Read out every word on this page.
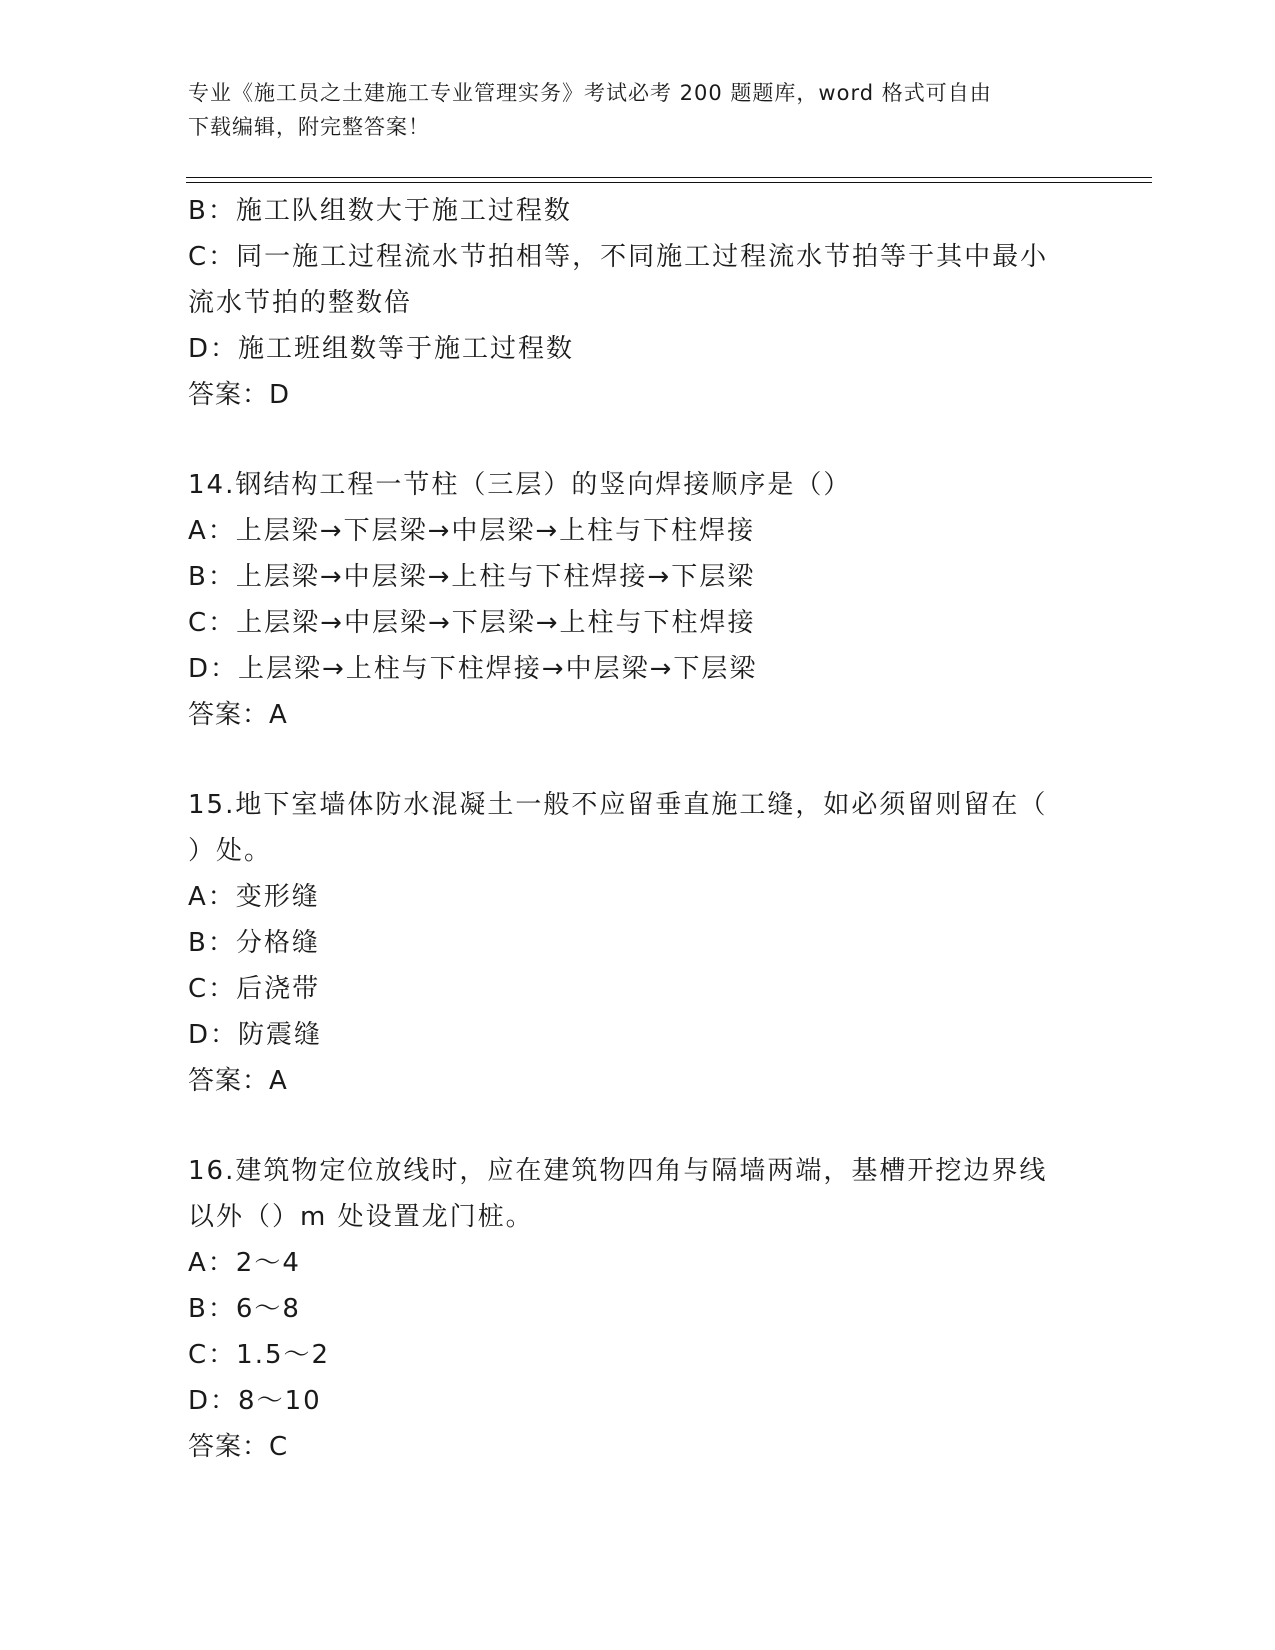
专业《施工员之土建施工专业管理实务》考试必考 200 题题库，word 格式可自由
下载编辑，附完整答案！
B：施工队组数大于施工过程数
C：同一施工过程流水节拍相等，不同施工过程流水节拍等于其中最小
流水节拍的整数倍
D：施工班组数等于施工过程数
答案：D
14.钢结构工程一节柱（三层）的竖向焊接顺序是（）
A：上层梁→下层梁→中层梁→上柱与下柱焊接
B：上层梁→中层梁→上柱与下柱焊接→下层梁
C：上层梁→中层梁→下层梁→上柱与下柱焊接
D：上层梁→上柱与下柱焊接→中层梁→下层梁
答案：A
15.地下室墙体防水混凝土一般不应留垂直施工缝，如必须留则留在（
）处。
A：变形缝
B：分格缝
C：后浇带
D：防震缝
答案：A
16.建筑物定位放线时，应在建筑物四角与隔墙两端，基槽开挖边界线
以外（）m 处设置龙门桩。
A：2～4
B：6～8
C：1.5～2
D：8～10
答案：C
